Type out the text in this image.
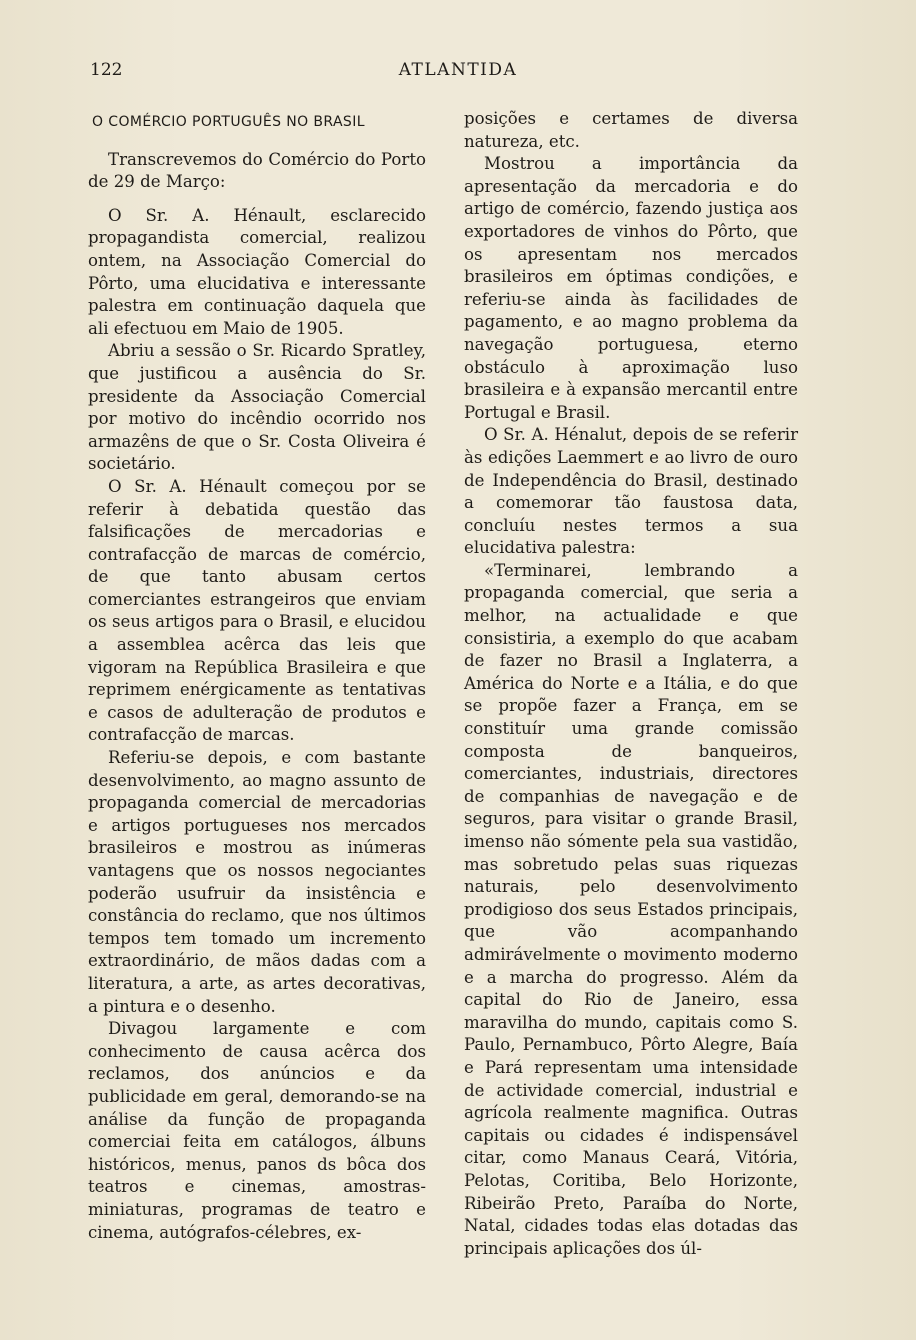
122	ATLANTIDA
O COMÉRCIO PORTUGUÊS NO BRASIL

Transcrevemos do Comércio do Porto de 29 de Março:

O Sr. A. Hénault, esclarecido propagandista comercial, realizou ontem, na Associação Comercial do Pôrto, uma elucidativa e interessante palestra em continuação daquela que ali efectuou em Maio de 1905.

Abriu a sessão o Sr. Ricardo Spratley, que justificou a ausência do Sr. presidente da Associação Comercial por motivo do incêndio ocorrido nos armazêns de que o Sr. Costa Oliveira é societário.

O Sr. A. Hénault começou por se referir à debatida questão das falsificações de mercadorias e contrafacção de marcas de comércio, de que tanto abusam certos comerciantes estrangeiros que enviam os seus artigos para o Brasil, e elucidou a assemblea acêrca das leis que vigoram na República Brasileira e que reprimem enérgicamente as tentativas e casos de adulteração de produtos e contrafacção de marcas.

Referiu-se depois, e com bastante desenvolvimento, ao magno assunto de propaganda comercial de mercadorias e artigos portugueses nos mercados brasileiros e mostrou as inúmeras vantagens que os nossos negociantes poderão usufruir da insistência e constância do reclamo, que nos últimos tempos tem tomado um incremento extraordinário, de mãos dadas com a literatura, a arte, as artes decorativas, a pintura e o desenho.

Divagou largamente e com conhecimento de causa acêrca dos reclamos, dos anúncios e da publicidade em geral, demorando-se na análise da função de propaganda comerciai feita em catálogos, álbuns históricos, menus, panos ds bôca dos teatros e cinemas, amostras-miniaturas, programas de teatro e cinema, autógrafos-célebres, ex-

posições e certames de diversa natureza, etc.

Mostrou a importância da apresentação da mercadoria e do artigo de comércio, fazendo justiça aos exportadores de vinhos do Pôrto, que os apresentam nos mercados brasileiros em óptimas condições, e referiu-se ainda às facilidades de pagamento, e ao magno problema da navegação portuguesa, eterno obstáculo à aproximação luso brasileira e à expansão mercantil entre Portugal e Brasil.

O Sr. A. Hénalut, depois de se referir às edições Laemmert e ao livro de ouro de Independência do Brasil, destinado a comemorar tão faustosa data, concluíu nestes termos a sua elucidativa palestra:

«Terminarei, lembrando a propaganda comercial, que seria a melhor, na actualidade e que consistiria, a exemplo do que acabam de fazer no Brasil a Inglaterra, a América do Norte e a Itália, e do que se propõe fazer a França, em se constituír uma grande comissão composta de banqueiros, comerciantes, industriais, directores de companhias de navegação e de seguros, para visitar o grande Brasil, imenso não sómente pela sua vastidão, mas sobretudo pelas suas riquezas naturais, pelo desenvolvimento prodigioso dos seus Estados principais, que vão acompanhando admirávelmente o movimento moderno e a marcha do progresso. Além da capital do Rio de Janeiro, essa maravilha do mundo, capitais como S. Paulo, Pernambuco, Pôrto Alegre, Baía e Pará representam uma intensidade de actividade comercial, industrial e agrícola realmente magnifica. Outras capitais ou cidades é indispensável citar, como Manaus Ceará, Vitória, Pelotas, Coritiba, Belo Horizonte, Ribeirão Preto, Paraíba do Norte, Natal, cidades todas elas dotadas das principais aplicações dos úl-
